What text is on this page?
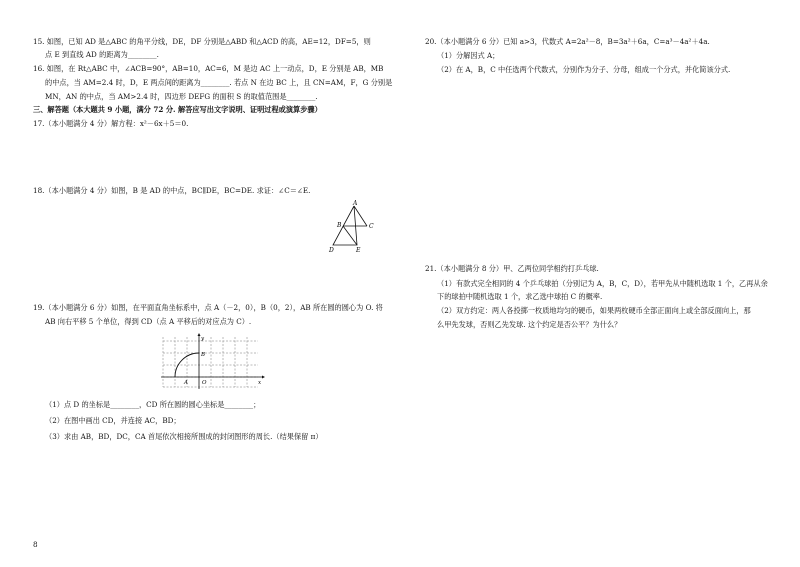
15. 如图，已知 AD 是△ABC 的角平分线，DE，DF 分别是△ABD 和△ACD 的高，AE=12，DF=5，则
点 E 到直线 AD 的距离为________.
16. 如图，在 Rt△ABC 中，∠ACB=90°，AB=10，AC=6，M 是边 AC 上一动点，D，E 分别是 AB，MB
的中点，当 AM=2.4 时，D，E 两点间的距离为________. 若点 N 在边 BC 上，且 CN=AM，F，G 分别是
MN，AN 的中点，当 AM>2.4 时，四边形 DEFG 的面积 S 的取值范围是________.
三、解答题（本大题共 9 小题，满分 72 分. 解答应写出文字说明、证明过程或演算步骤）
17.（本小题满分 4 分）解方程：x²－6x＋5＝0.
18.（本小题满分 4 分）如图，B 是 AD 的中点，BC∥DE，BC=DE. 求证：∠C＝∠E.
A
B	C
D	E
19.（本小题满分 6 分）如图，在平面直角坐标系中，点 A（－2，0），B（0，2），AB 所在圆的圆心为 O. 将
AB 向右平移 5 个单位，得到 CD（点 A 平移后的对应点为 C）.
y
x
A	O
B
（1）点 D 的坐标是________，CD 所在圆的圆心坐标是________；
（2）在图中画出 CD，并连接 AC，BD；
（3）求由 AB，BD，DC，CA 首尾依次相接所围成的封闭图形的周长.（结果保留 π）
8
20.（本小题满分 6 分）已知 a>3，代数式 A=2a²－8，B=3a²＋6a，C=a³－4a²＋4a.
（1）分解因式 A；
（2）在 A，B，C 中任选两个代数式，分别作为分子、分母，组成一个分式，并化简该分式.
21.（本小题满分 8 分）甲、乙两位同学相约打乒乓球.
（1）有款式完全相同的 4 个乒乓球拍（分别记为 A，B，C，D），若甲先从中随机选取 1 个，乙再从余
下的球拍中随机选取 1 个，求乙选中球拍 C 的概率.
（2）双方约定：两人各投掷一枚质地均匀的硬币，如果两枚硬币全部正面向上或全部反面向上，那
么甲先发球，否则乙先发球. 这个约定是否公平？为什么？
